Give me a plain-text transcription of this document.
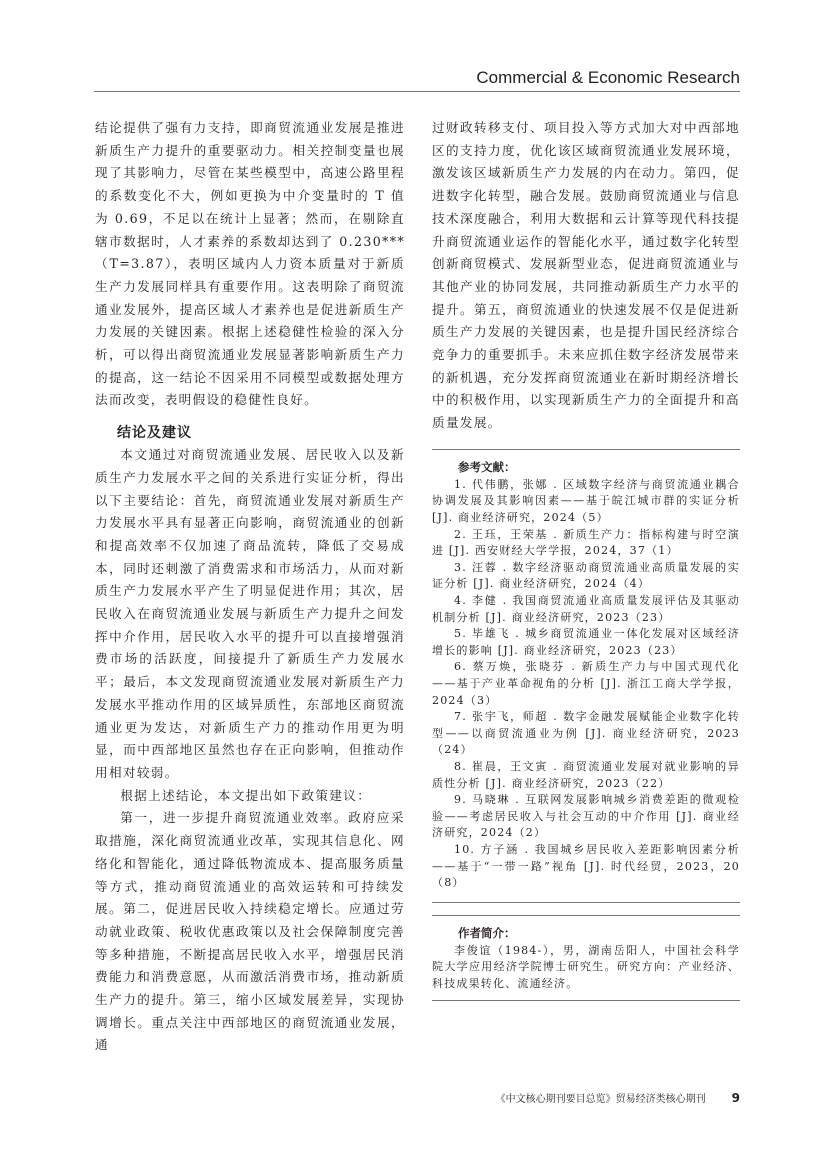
Commercial & Economic Research

结论提供了强有力支持，即商贸流通业发展是推进新质生产力提升的重要驱动力。相关控制变量也展现了其影响力，尽管在某些模型中，高速公路里程的系数变化不大，例如更换为中介变量时的 T 值为 0.69，不足以在统计上显著；然而，在剔除直辖市数据时，人才素养的系数却达到了 0.230***（T=3.87），表明区域内人力资本质量对于新质生产力发展同样具有重要作用。这表明除了商贸流通业发展外，提高区域人才素养也是促进新质生产力发展的关键因素。根据上述稳健性检验的深入分析，可以得出商贸流通业发展显著影响新质生产力的提高，这一结论不因采用不同模型或数据处理方法而改变，表明假设的稳健性良好。

结论及建议

本文通过对商贸流通业发展、居民收入以及新质生产力发展水平之间的关系进行实证分析，得出以下主要结论：首先，商贸流通业发展对新质生产力发展水平具有显著正向影响，商贸流通业的创新和提高效率不仅加速了商品流转，降低了交易成本，同时还刺激了消费需求和市场活力，从而对新质生产力发展水平产生了明显促进作用；其次，居民收入在商贸流通业发展与新质生产力提升之间发挥中介作用，居民收入水平的提升可以直接增强消费市场的活跃度，间接提升了新质生产力发展水平；最后，本文发现商贸流通业发展对新质生产力发展水平推动作用的区域异质性，东部地区商贸流通业更为发达，对新质生产力的推动作用更为明显，而中西部地区虽然也存在正向影响，但推动作用相对较弱。

根据上述结论，本文提出如下政策建议：

第一，进一步提升商贸流通业效率。政府应采取措施，深化商贸流通业改革，实现其信息化、网络化和智能化，通过降低物流成本、提高服务质量等方式，推动商贸流通业的高效运转和可持续发展。第二，促进居民收入持续稳定增长。应通过劳动就业政策、税收优惠政策以及社会保障制度完善等多种措施，不断提高居民收入水平，增强居民消费能力和消费意愿，从而激活消费市场，推动新质生产力的提升。第三，缩小区域发展差异，实现协调增长。重点关注中西部地区的商贸流通业发展，通

过财政转移支付、项目投入等方式加大对中西部地区的支持力度，优化该区域商贸流通业发展环境，激发该区域新质生产力发展的内在动力。第四，促进数字化转型，融合发展。鼓励商贸流通业与信息技术深度融合，利用大数据和云计算等现代科技提升商贸流通业运作的智能化水平，通过数字化转型创新商贸模式、发展新型业态，促进商贸流通业与其他产业的协同发展，共同推动新质生产力水平的提升。第五，商贸流通业的快速发展不仅是促进新质生产力发展的关键因素，也是提升国民经济综合竞争力的重要抓手。未来应抓住数字经济发展带来的新机遇，充分发挥商贸流通业在新时期经济增长中的积极作用，以实现新质生产力的全面提升和高质量发展。

参考文献：

1. 代伟鹏，张娜 . 区域数字经济与商贸流通业耦合协调发展及其影响因素——基于皖江城市群的实证分析 [J]. 商业经济研究，2024（5）

2. 王珏，王荣基 . 新质生产力：指标构建与时空演进 [J]. 西安财经大学学报，2024，37（1）

3. 汪蓉 . 数字经济驱动商贸流通业高质量发展的实证分析 [J]. 商业经济研究，2024（4）

4. 李健 . 我国商贸流通业高质量发展评估及其驱动机制分析 [J]. 商业经济研究，2023（23）

5. 毕雄飞 . 城乡商贸流通业一体化发展对区域经济增长的影响 [J]. 商业经济研究，2023（23）

6. 蔡万焕，张晓芬 . 新质生产力与中国式现代化——基于产业革命视角的分析 [J]. 浙江工商大学学报，2024（3）

7. 张宇飞，师超 . 数字金融发展赋能企业数字化转型——以商贸流通业为例 [J]. 商业经济研究，2023（24）

8. 崔晨，王文寅 . 商贸流通业发展对就业影响的异质性分析 [J]. 商业经济研究，2023（22）

9. 马晓琳 . 互联网发展影响城乡消费差距的微观检验——考虑居民收入与社会互动的中介作用 [J]. 商业经济研究，2024（2）

10. 方子涵 . 我国城乡居民收入差距影响因素分析——基于“一带一路”视角 [J]. 时代经贸，2023，20（8）

作者简介：

李俊谊（1984-），男，湖南岳阳人，中国社会科学院大学应用经济学院博士研究生。研究方向：产业经济、科技成果转化、流通经济。

《中文核心期刊要目总览》贸易经济类核心期刊 9
